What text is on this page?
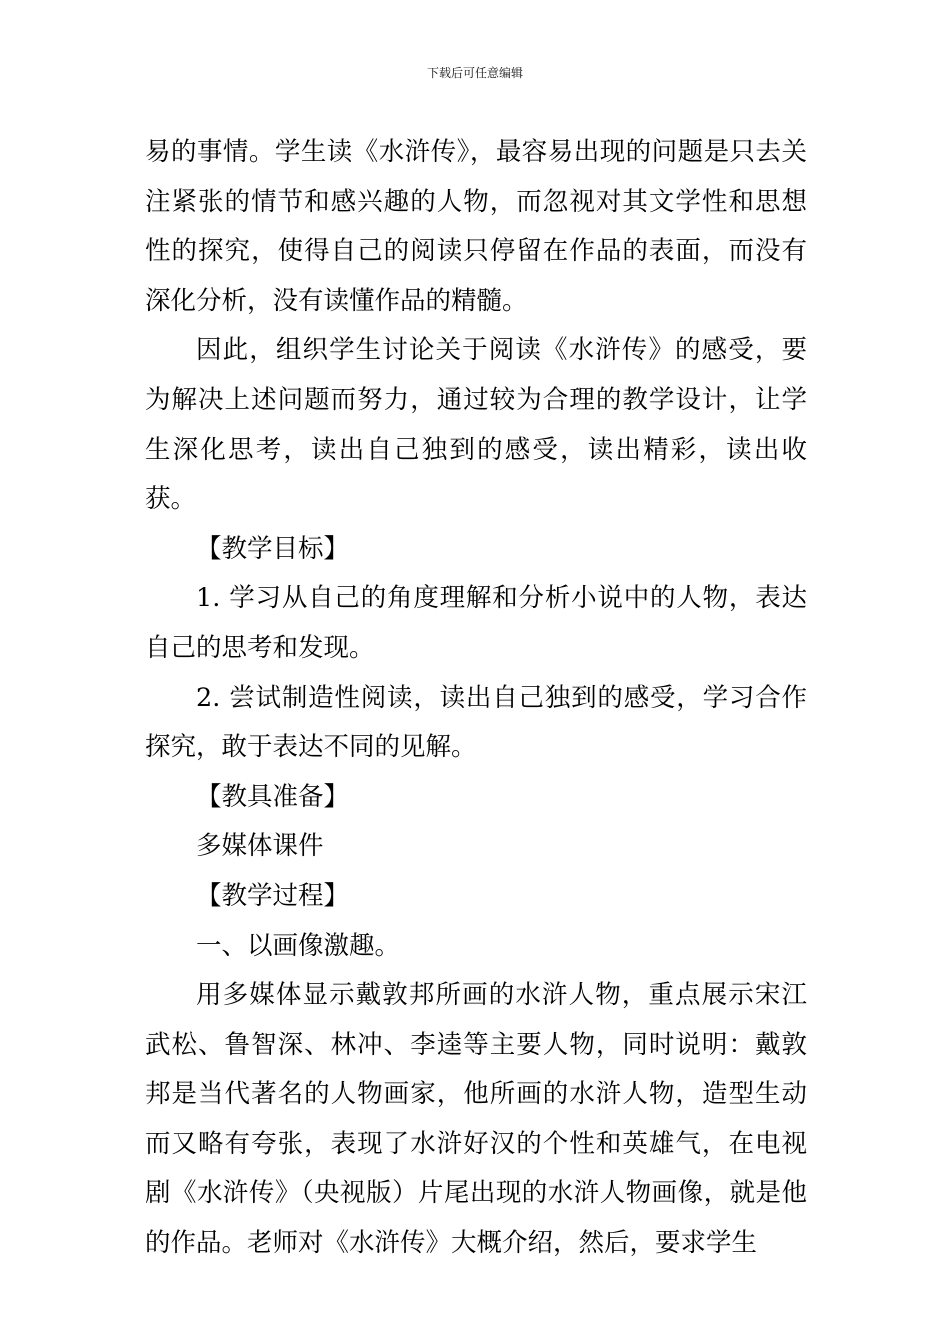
下载后可任意编辑

易的事情。学生读《水浒传》，最容易出现的问题是只去关注紧张的情节和感兴趣的人物，而忽视对其文学性和思想性的探究，使得自己的阅读只停留在作品的表面，而没有深化分析，没有读懂作品的精髓。

因此，组织学生讨论关于阅读《水浒传》的感受，要为解决上述问题而努力，通过较为合理的教学设计，让学生深化思考，读出自己独到的感受，读出精彩，读出收获。

【教学目标】

1. 学习从自己的角度理解和分析小说中的人物，表达自己的思考和发现。

2. 尝试制造性阅读，读出自己独到的感受，学习合作探究，敢于表达不同的见解。

【教具准备】

多媒体课件

【教学过程】

一、以画像激趣。

用多媒体显示戴敦邦所画的水浒人物，重点展示宋江武松、鲁智深、林冲、李逵等主要人物，同时说明：戴敦邦是当代著名的人物画家，他所画的水浒人物，造型生动而又略有夸张，表现了水浒好汉的个性和英雄气，在电视剧《水浒传》（央视版）片尾出现的水浒人物画像，就是他的作品。老师对《水浒传》大概介绍，然后，要求学生
